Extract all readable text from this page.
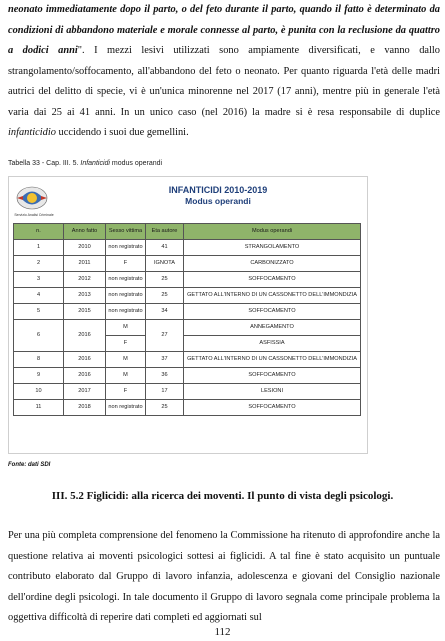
neonato immediatamente dopo il parto, o del feto durante il parto, quando il fatto è determinato da condizioni di abbandono materiale e morale connesse al parto, è punita con la reclusione da quattro a dodici anni". I mezzi lesivi utilizzati sono ampiamente diversificati, e vanno dallo strangolamento/soffocamento, all'abbandono del feto o neonato. Per quanto riguarda l'età delle madri autrici del delitto di specie, vi è un'unica minorenne nel 2017 (17 anni), mentre più in generale l'età varia dai 25 ai 41 anni. In un unico caso (nel 2016) la madre si è resa responsabile di duplice infanticidio uccidendo i suoi due gemellini.

Tabella 33 - Cap. III. 5. Infanticidi modus operandi
Servizio Analisi Criminale
INFANTICIDI 2010-2019
Modus operandi
n.	Anno fatto	Sesso vittima	Eta autore	Modus operandi
1	2010	non registrato	41	STRANGOLAMENTO
2	2011	F	IGNOTA	CARBONIZZATO
3	2012	non registrato	25	SOFFOCAMENTO
4	2013	non registrato	25	GETTATO ALL'INTERNO DI UN CASSONETTO DELL'IMMONDIZIA
5	2015	non registrato	34	SOFFOCAMENTO
6	2016	M	27	ANNEGAMENTO
		F		ASFISSIA
8	2016	M	37	GETTATO ALL'INTERNO DI UN CASSONETTO DELL'IMMONDIZIA
9	2016	M	36	SOFFOCAMENTO
10	2017	F	17	LESIONI
11	2018	non registrato	25	SOFFOCAMENTO
Fonte: dati SDI
III. 5.2 Figlicidi: alla ricerca dei moventi. Il punto di vista degli psicologi.

Per una più completa comprensione del fenomeno la Commissione ha ritenuto di approfondire anche la questione relativa ai moventi psicologici sottesi ai figlicidi. A tal fine è stato acquisito un puntuale contributo elaborato dal Gruppo di lavoro infanzia, adolescenza e giovani del Consiglio nazionale dell'ordine degli psicologi. In tale documento il Gruppo di lavoro segnala come principale problema la oggettiva difficoltà di reperire dati completi ed aggiornati sul

112
